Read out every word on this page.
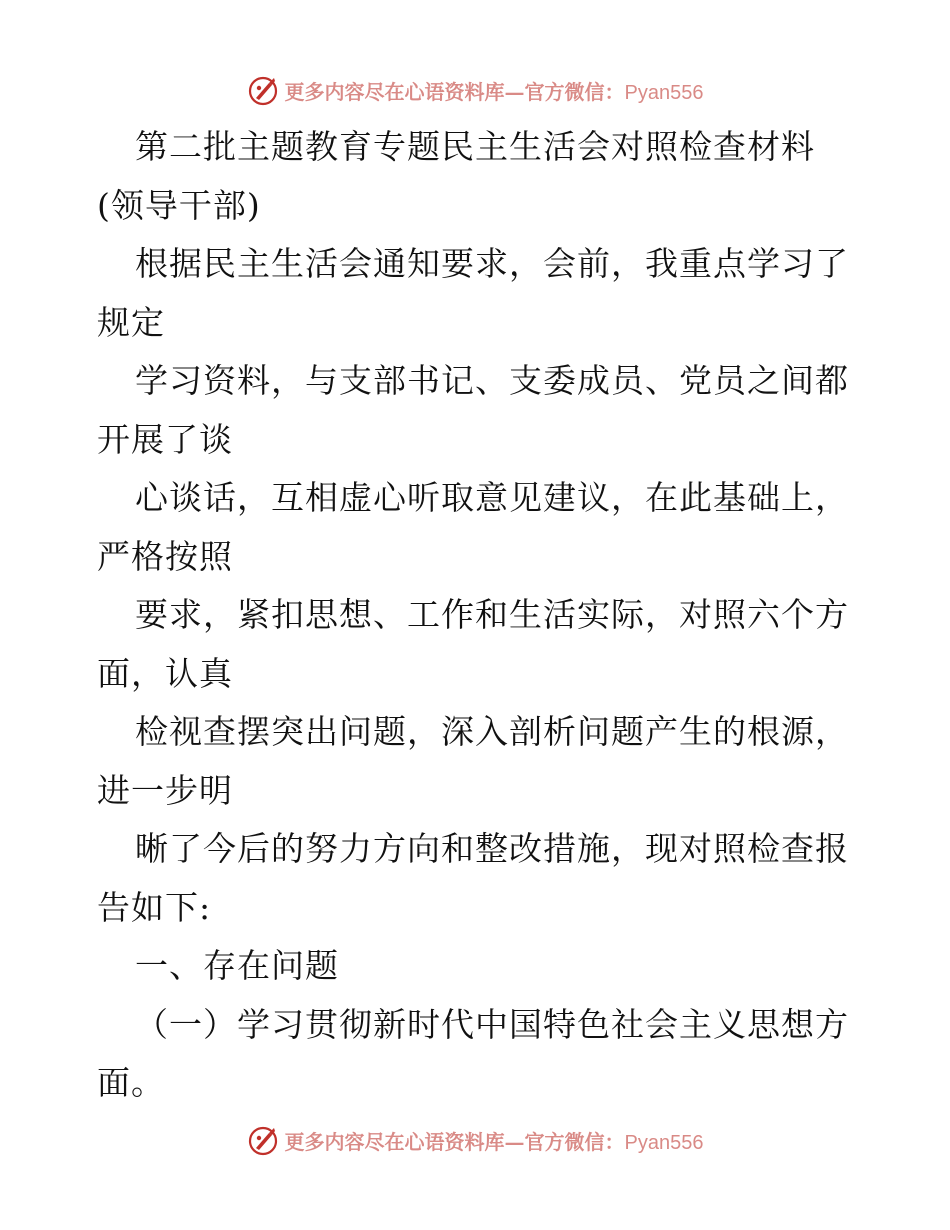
更多内容尽在心语资料库—官方微信：Pyan556
第二批主题教育专题民主生活会对照检查材料
(领导干部)
根据民主生活会通知要求，会前，我重点学习了
规定
学习资料，与支部书记、支委成员、党员之间都
开展了谈
心谈话，互相虚心听取意见建议，在此基础上，
严格按照
要求，紧扣思想、工作和生活实际，对照六个方
面，认真
检视查摆突出问题，深入剖析问题产生的根源，
进一步明
晰了今后的努力方向和整改措施，现对照检查报
告如下:
一、存在问题
（一）学习贯彻新时代中国特色社会主义思想方
面。
更多内容尽在心语资料库—官方微信：Pyan556
